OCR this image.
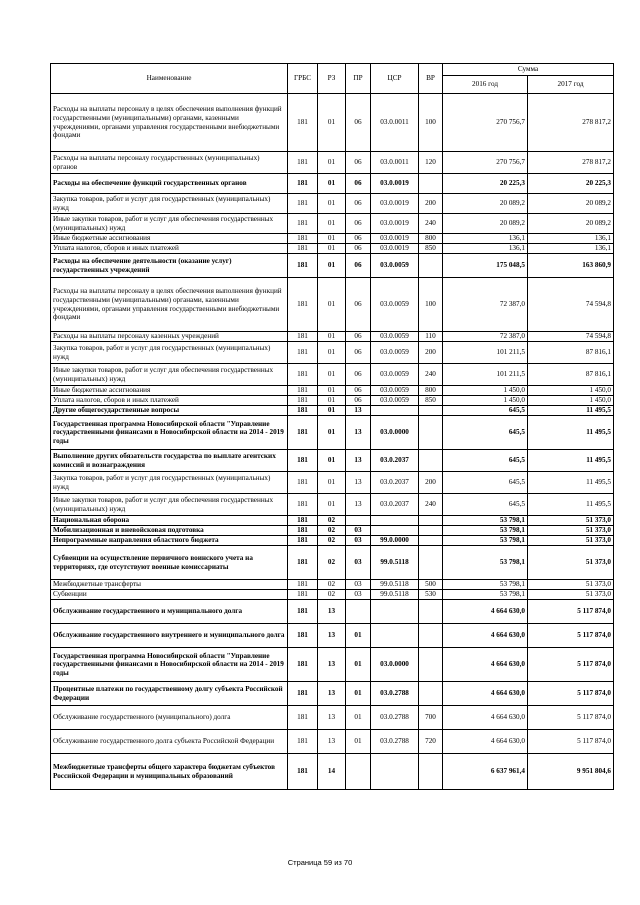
Наименование	ГРБС	РЗ	ПР	ЦСР	ВР	Сумма	
						2016 год	2017 год
Расходы на выплаты персоналу в целях обеспечения выполнения функций государственными (муниципальными) органами, казенными учреждениями, органами управления государственными внебюджетными фондами	181	01	06	03.0.0011	100	270 756,7	278 817,2
Расходы на выплаты персоналу государственных (муниципальных) органов	181	01	06	03.0.0011	120	270 756,7	278 817,2
Расходы на обеспечение функций государственных органов	181	01	06	03.0.0019		20 225,3	20 225,3
Закупка товаров, работ и услуг для государственных (муниципальных) нужд	181	01	06	03.0.0019	200	20 089,2	20 089,2
Иные закупки товаров, работ и услуг для обеспечения государственных (муниципальных) нужд	181	01	06	03.0.0019	240	20 089,2	20 089,2
Иные бюджетные ассигнования	181	01	06	03.0.0019	800	136,1	136,1
Уплата налогов, сборов и иных платежей	181	01	06	03.0.0019	850	136,1	136,1
Расходы на обеспечение деятельности (оказание услуг) государственных учреждений	181	01	06	03.0.0059		175 048,5	163 860,9
Расходы на выплаты персоналу в целях обеспечения выполнения функций государственными (муниципальными) органами, казенными учреждениями, органами управления государственными внебюджетными фондами	181	01	06	03.0.0059	100	72 387,0	74 594,8
Расходы на выплаты персоналу казенных учреждений	181	01	06	03.0.0059	110	72 387,0	74 594,8
Закупка товаров, работ и услуг для государственных (муниципальных) нужд	181	01	06	03.0.0059	200	101 211,5	87 816,1
Иные закупки товаров, работ и услуг для обеспечения государственных (муниципальных) нужд	181	01	06	03.0.0059	240	101 211,5	87 816,1
Иные бюджетные ассигнования	181	01	06	03.0.0059	800	1 450,0	1 450,0
Уплата налогов, сборов и иных платежей	181	01	06	03.0.0059	850	1 450,0	1 450,0
Другие общегосударственные вопросы	181	01	13			645,5	11 495,5
Государственная программа Новосибирской области "Управление государственными финансами в Новосибирской области на 2014 - 2019 годы	181	01	13	03.0.0000		645,5	11 495,5
Выполнение других обязательств государства по выплате агентских комиссий и вознаграждения	181	01	13	03.0.2037		645,5	11 495,5
Закупка товаров, работ и услуг для государственных (муниципальных) нужд	181	01	13	03.0.2037	200	645,5	11 495,5
Иные закупки товаров, работ и услуг для обеспечения государственных (муниципальных) нужд	181	01	13	03.0.2037	240	645,5	11 495,5
Национальная оборона	181	02				53 798,1	51 373,0
Мобилизационная и вневойсковая подготовка	181	02	03			53 798,1	51 373,0
Непрограммные направления областного бюджета	181	02	03	99.0.0000		53 798,1	51 373,0
Субвенции на осуществление первичного воинского учета на территориях, где отсутствуют военные комиссариаты	181	02	03	99.0.5118		53 798,1	51 373,0
Межбюджетные трансферты	181	02	03	99.0.5118	500	53 798,1	51 373,0
Субвенции	181	02	03	99.0.5118	530	53 798,1	51 373,0
Обслуживание государственного и муниципального долга	181	13				4 664 630,0	5 117 874,0
Обслуживание государственного внутреннего и муниципального долга	181	13	01			4 664 630,0	5 117 874,0
Государственная программа Новосибирской области "Управление государственными финансами в Новосибирской области на 2014 - 2019 годы	181	13	01	03.0.0000		4 664 630,0	5 117 874,0
Процентные платежи по государственному долгу субъекта Российской Федерации	181	13	01	03.0.2788		4 664 630,0	5 117 874,0
Обслуживание государственного (муниципального) долга	181	13	01	03.0.2788	700	4 664 630,0	5 117 874,0
Обслуживание государственного долга субъекта Российской Федерации	181	13	01	03.0.2788	720	4 664 630,0	5 117 874,0
Межбюджетные трансферты общего характера бюджетам субъектов Российской Федерации и муниципальных образований	181	14				6 637 961,4	9 951 804,6
Страница 59 из 70
